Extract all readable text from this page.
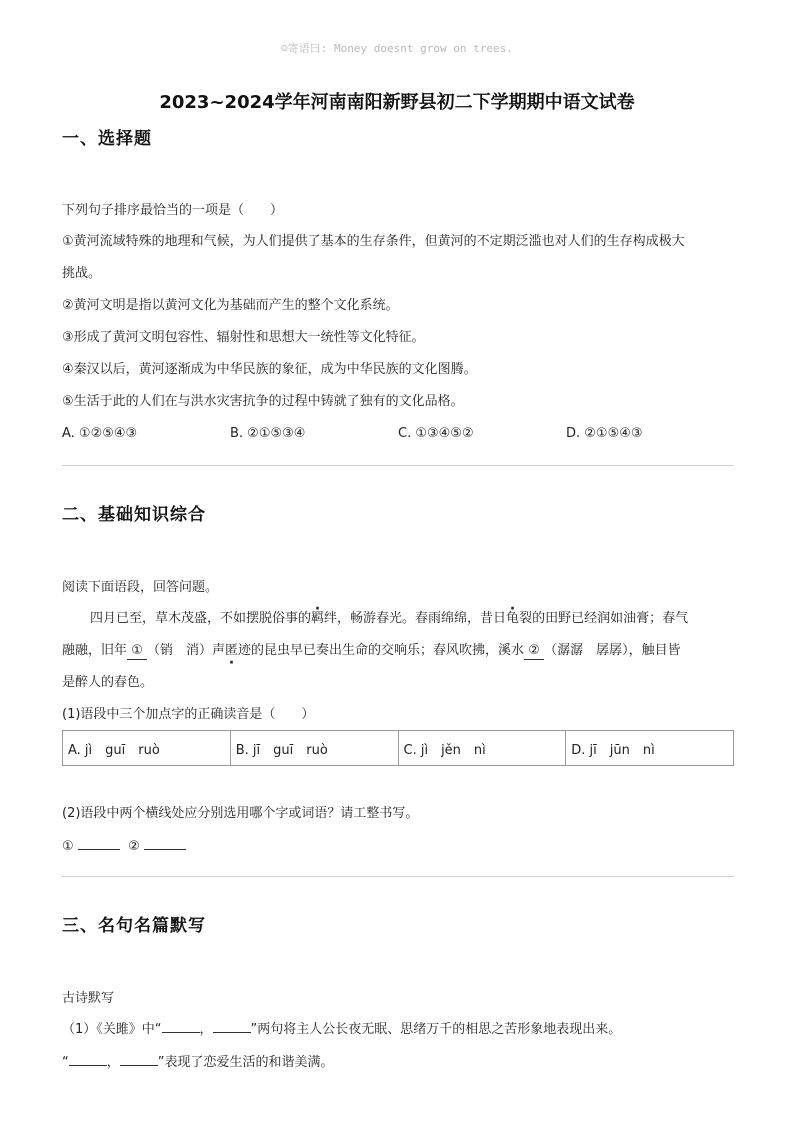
☺寄语曰: Money doesnt grow on trees.
2023~2024学年河南南阳新野县初二下学期期中语文试卷
一、选择题
下列句子排序最恰当的一项是（　　）
①黄河流域特殊的地理和气候，为人们提供了基本的生存条件，但黄河的不定期泛滥也对人们的生存构成极大
挑战。
②黄河文明是指以黄河文化为基础而产生的整个文化系统。
③形成了黄河文明包容性、辐射性和思想大一统性等文化特征。
④秦汉以后，黄河逐渐成为中华民族的象征，成为中华民族的文化图腾。
⑤生活于此的人们在与洪水灾害抗争的过程中铸就了独有的文化品格。
A. ①②⑤④③	B. ②①⑤③④	C. ①③④⑤②	D. ②①⑤④③
二、基础知识综合
阅读下面语段，回答问题。
四月已至，草木茂盛，不如摆脱俗事的羁绊，畅游春光。春雨绵绵，昔日龟裂的田野已经润如油膏；春气
融融，旧年 ① （销　消）声匿迹的昆虫早已奏出生命的交响乐；春风吹拂，溪水 ② （潺潺　孱孱），触目皆
是醉人的春色。
(1)语段中三个加点字的正确读音是（　　）
A. jì　guī　ruò	B. jī　guī　ruò	C. jì　jěn　nì	D. jī　jūn　nì
(2)语段中两个横线处应分别选用哪个字或词语？请工整书写。
①	②
三、名句名篇默写
古诗默写
（1）《关雎》中“	，	”两句将主人公长夜无眠、思绪万千的相思之苦形象地表现出来。
“	，	”表现了恋爱生活的和谐美满。
